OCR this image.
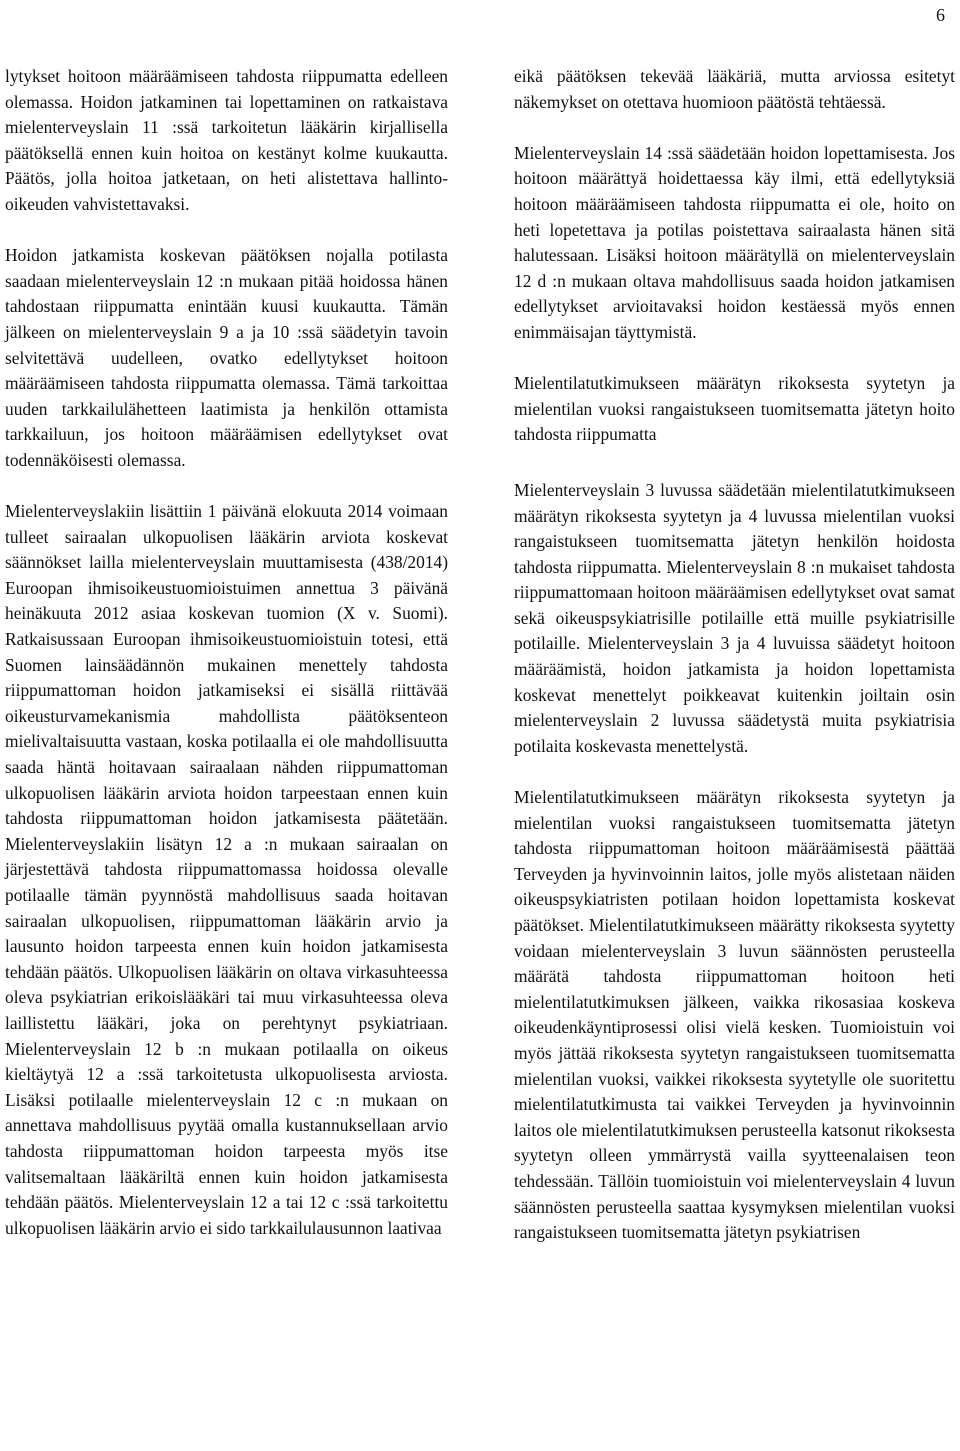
6

lytykset hoitoon määräämiseen tahdosta riippumatta edelleen olemassa. Hoidon jatkaminen tai lopettaminen on ratkaistava mielenterveyslain 11 :ssä tarkoitetun lääkärin kirjallisella päätöksellä ennen kuin hoitoa on kestänyt kolme kuukautta. Päätös, jolla hoitoa jatketaan, on heti alistettava hallinto-oikeuden vahvistettavaksi.

Hoidon jatkamista koskevan päätöksen nojalla potilasta saadaan mielenterveyslain 12 :n mukaan pitää hoidossa hänen tahdostaan riippumatta enintään kuusi kuukautta. Tämän jälkeen on mielenterveyslain 9 a ja 10 :ssä säädetyin tavoin selvitettävä uudelleen, ovatko edellytykset hoitoon määräämiseen tahdosta riippumatta olemassa. Tämä tarkoittaa uuden tarkkailulähetteen laatimista ja henkilön ottamista tarkkailuun, jos hoitoon määräämisen edellytykset ovat todennäköisesti olemassa.

Mielenterveyslakiin lisättiin 1 päivänä elokuuta 2014 voimaan tulleet sairaalan ulkopuolisen lääkärin arviota koskevat säännökset lailla mielenterveyslain muuttamisesta (438/2014) Euroopan ihmisoikeustuomioistuimen annettua 3 päivänä heinäkuuta 2012 asiaa koskevan tuomion (X v. Suomi). Ratkaisussaan Euroopan ihmisoikeustuomioistuin totesi, että Suomen lainsäädännön mukainen menettely tahdosta riippumattoman hoidon jatkamiseksi ei sisällä riittävää oikeusturvamekanismia mahdollista päätöksenteon mielivaltaisuutta vastaan, koska potilaalla ei ole mahdollisuutta saada häntä hoitavaan sairaalaan nähden riippumattoman ulkopuolisen lääkärin arviota hoidon tarpeestaan ennen kuin tahdosta riippumattoman hoidon jatkamisesta päätetään. Mielenterveyslakiin lisätyn 12 a :n mukaan sairaalan on järjestettävä tahdosta riippumattomassa hoidossa olevalle potilaalle tämän pyynnöstä mahdollisuus saada hoitavan sairaalan ulkopuolisen, riippumattoman lääkärin arvio ja lausunto hoidon tarpeesta ennen kuin hoidon jatkamisesta tehdään päätös. Ulkopuolisen lääkärin on oltava virkasuhteessa oleva psykiatrian erikoislääkäri tai muu virkasuhteessa oleva laillistettu lääkäri, joka on perehtynyt psykiatriaan. Mielenterveyslain 12 b :n mukaan potilaalla on oikeus kieltäytyä 12 a :ssä tarkoitetusta ulkopuolisesta arviosta. Lisäksi potilaalle mielenterveyslain 12 c :n mukaan on annettava mahdollisuus pyytää omalla kustannuksellaan arvio tahdosta riippumattoman hoidon tarpeesta myös itse valitsemaltaan lääkäriltä ennen kuin hoidon jatkamisesta tehdään päätös. Mielenterveyslain 12 a tai 12 c :ssä tarkoitettu ulkopuolisen lääkärin arvio ei sido tarkkailulausunnon laativaa

eikä päätöksen tekevää lääkäriä, mutta arviossa esitetyt näkemykset on otettava huomioon päätöstä tehtäessä.

Mielenterveyslain 14 :ssä säädetään hoidon lopettamisesta. Jos hoitoon määrättyä hoidettaessa käy ilmi, että edellytyksiä hoitoon määräämiseen tahdosta riippumatta ei ole, hoito on heti lopetettava ja potilas poistettava sairaalasta hänen sitä halutessaan. Lisäksi hoitoon määrätyllä on mielenterveyslain 12 d :n mukaan oltava mahdollisuus saada hoidon jatkamisen edellytykset arvioitavaksi hoidon kestäessä myös ennen enimmäisajan täyttymistä.

Mielentilatutkimukseen määrätyn rikoksesta syytetyn ja mielentilan vuoksi rangaistukseen tuomitsematta jätetyn hoito tahdosta riippumatta

Mielenterveyslain 3 luvussa säädetään mielentilatutkimukseen määrätyn rikoksesta syytetyn ja 4 luvussa mielentilan vuoksi rangaistukseen tuomitsematta jätetyn henkilön hoidosta tahdosta riippumatta. Mielenterveyslain 8 :n mukaiset tahdosta riippumattomaan hoitoon määräämisen edellytykset ovat samat sekä oikeuspsykiatrisille potilaille että muille psykiatrisille potilaille. Mielenterveyslain 3 ja 4 luvuissa säädetyt hoitoon määräämistä, hoidon jatkamista ja hoidon lopettamista koskevat menettelyt poikkeavat kuitenkin joiltain osin mielenterveyslain 2 luvussa säädetystä muita psykiatrisia potilaita koskevasta menettelystä.

Mielentilatutkimukseen määrätyn rikoksesta syytetyn ja mielentilan vuoksi rangaistukseen tuomitsematta jätetyn tahdosta riippumattoman hoitoon määräämisestä päättää Terveyden ja hyvinvoinnin laitos, jolle myös alistetaan näiden oikeuspsykiatristen potilaan hoidon lopettamista koskevat päätökset. Mielentilatutkimukseen määrätty rikoksesta syytetty voidaan mielenterveyslain 3 luvun säännösten perusteella määrätä tahdosta riippumattoman hoitoon heti mielentilatutkimuksen jälkeen, vaikka rikosasiaa koskeva oikeudenkäyntiprosessi olisi vielä kesken. Tuomioistuin voi myös jättää rikoksesta syytetyn rangaistukseen tuomitsematta mielentilan vuoksi, vaikkei rikoksesta syytetylle ole suoritettu mielentilatutkimusta tai vaikkei Terveyden ja hyvinvoinnin laitos ole mielentilatutkimuksen perusteella katsonut rikoksesta syytetyn olleen ymmärrystä vailla syytteenalaisen teon tehdessään. Tällöin tuomioistuin voi mielenterveyslain 4 luvun säännösten perusteella saattaa kysymyksen mielentilan vuoksi rangaistukseen tuomitsematta jätetyn psykiatrisen
